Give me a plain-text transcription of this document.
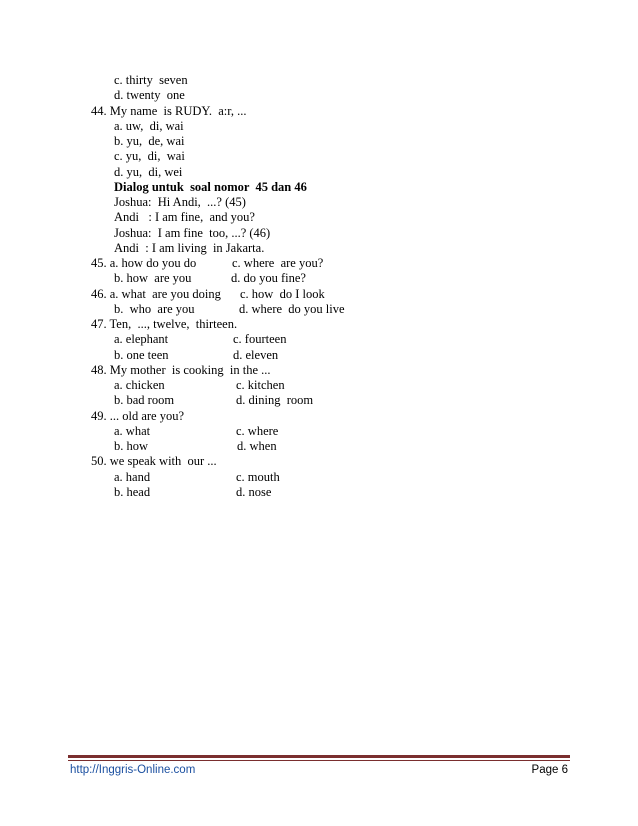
c. thirty  seven
d. twenty  one
44. My name  is RUDY.  a:r, ...
a. uw,  di, wai
b. yu,  de, wai
c. yu,  di,  wai
d. yu,  di, wei
Dialog untuk  soal nomor  45 dan 46
Joshua:  Hi Andi,  ...? (45)
Andi   : I am fine,  and you?
Joshua:  I am fine  too, ...? (46)
Andi  : I am living  in Jakarta.
45. a. how do you do	c. where  are you?
b. how  are you	d. do you fine?
46. a. what  are you doing c. how  do I look
b.  who  are you	d. where  do you live
47. Ten,  ..., twelve,  thirteen.
a. elephant	c. fourteen
b. one teen	d. eleven
48. My mother  is cooking  in the ...
a. chicken	c. kitchen
b. bad room	d. dining  room
49. ... old are you?
a. what	c. where
b. how	d. when
50. we speak with  our ...
a. hand	c. mouth
b. head	d. nose
http://Inggris-Online.com	Page 6
